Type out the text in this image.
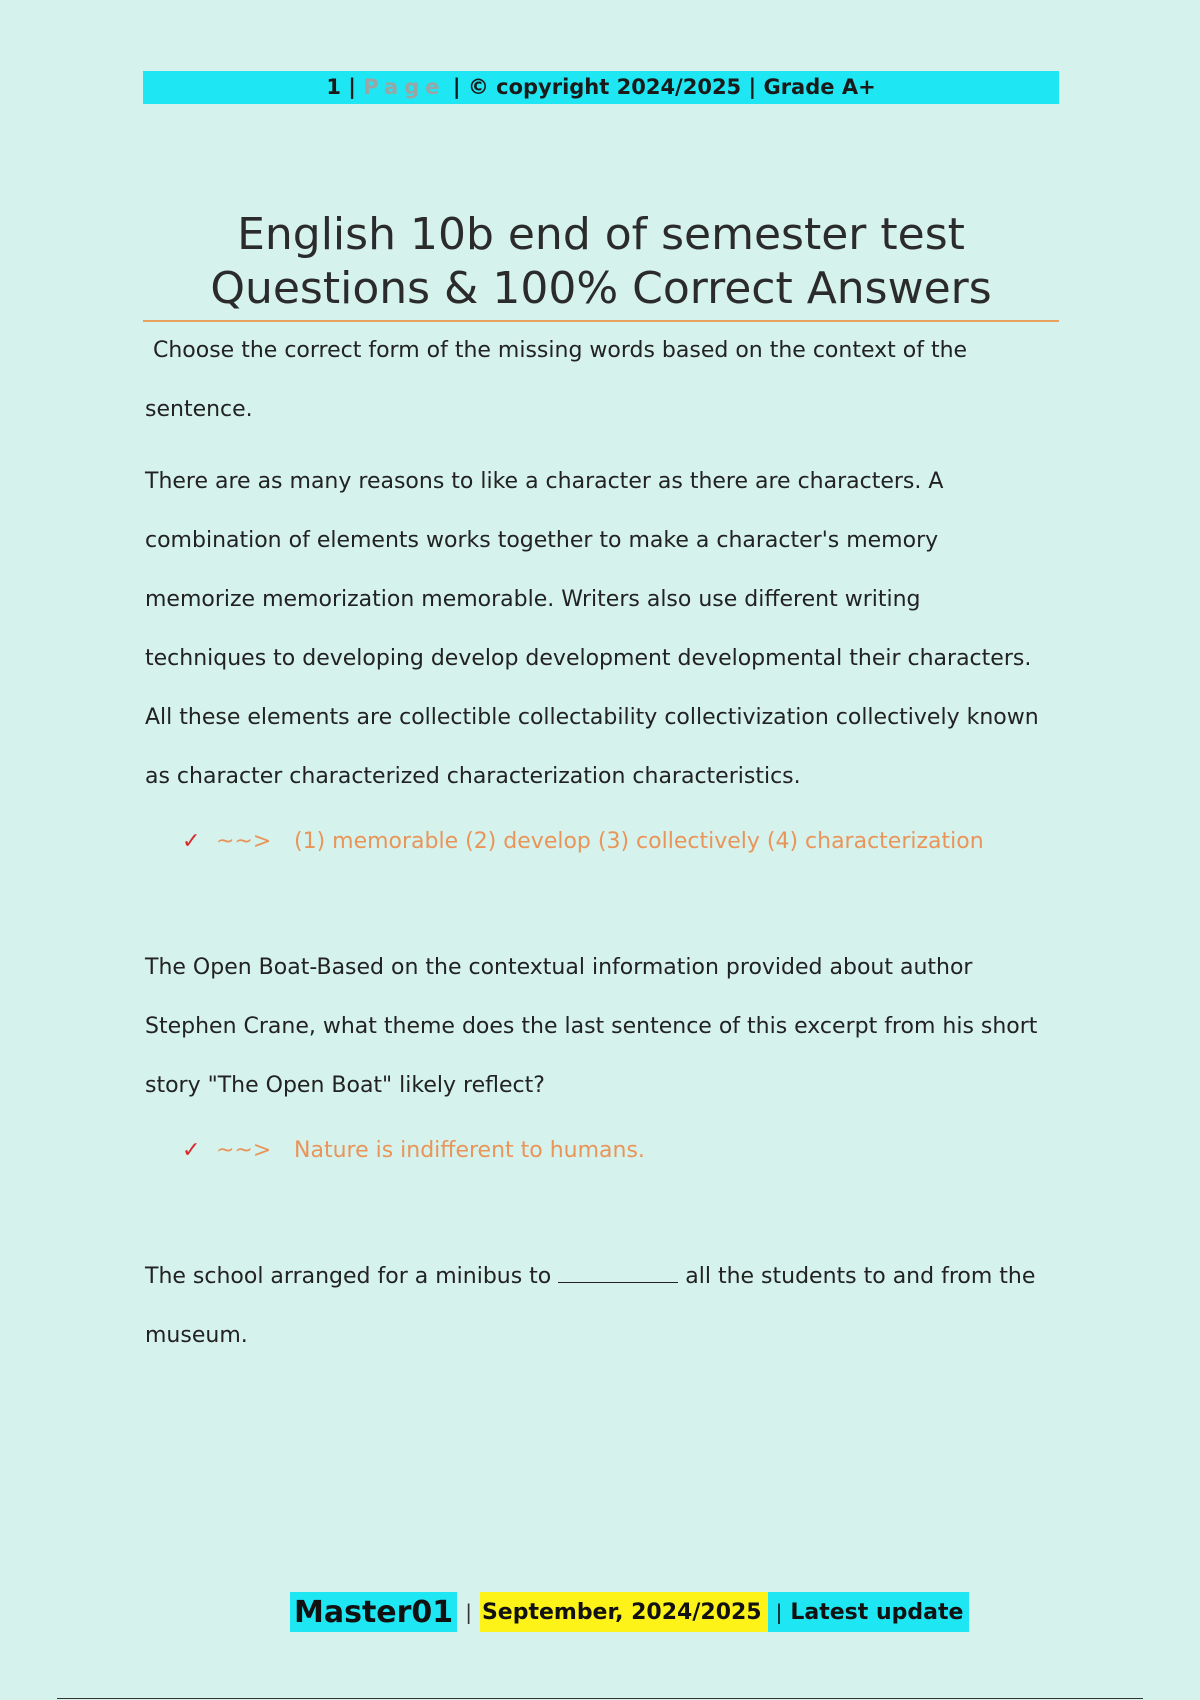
1 | Page | © copyright 2024/2025 | Grade A+
English 10b end of semester test Questions & 100% Correct Answers

Choose the correct form of the missing words based on the context of the sentence.

There are as many reasons to like a character as there are characters. A combination of elements works together to make a character's memory memorize memorization memorable. Writers also use different writing techniques to developing develop development developmental their characters. All these elements are collectible collectability collectivization collectively known as character characterized characterization characteristics.

✓ ~~> (1) memorable (2) develop (3) collectively (4) characterization

The Open Boat-Based on the contextual information provided about author Stephen Crane, what theme does the last sentence of this excerpt from his short story "The Open Boat" likely reflect?

✓ ~~> Nature is indifferent to humans.

The school arranged for a minibus to	all the students to and from the museum.

Master01 | September, 2024/2025 | Latest update
